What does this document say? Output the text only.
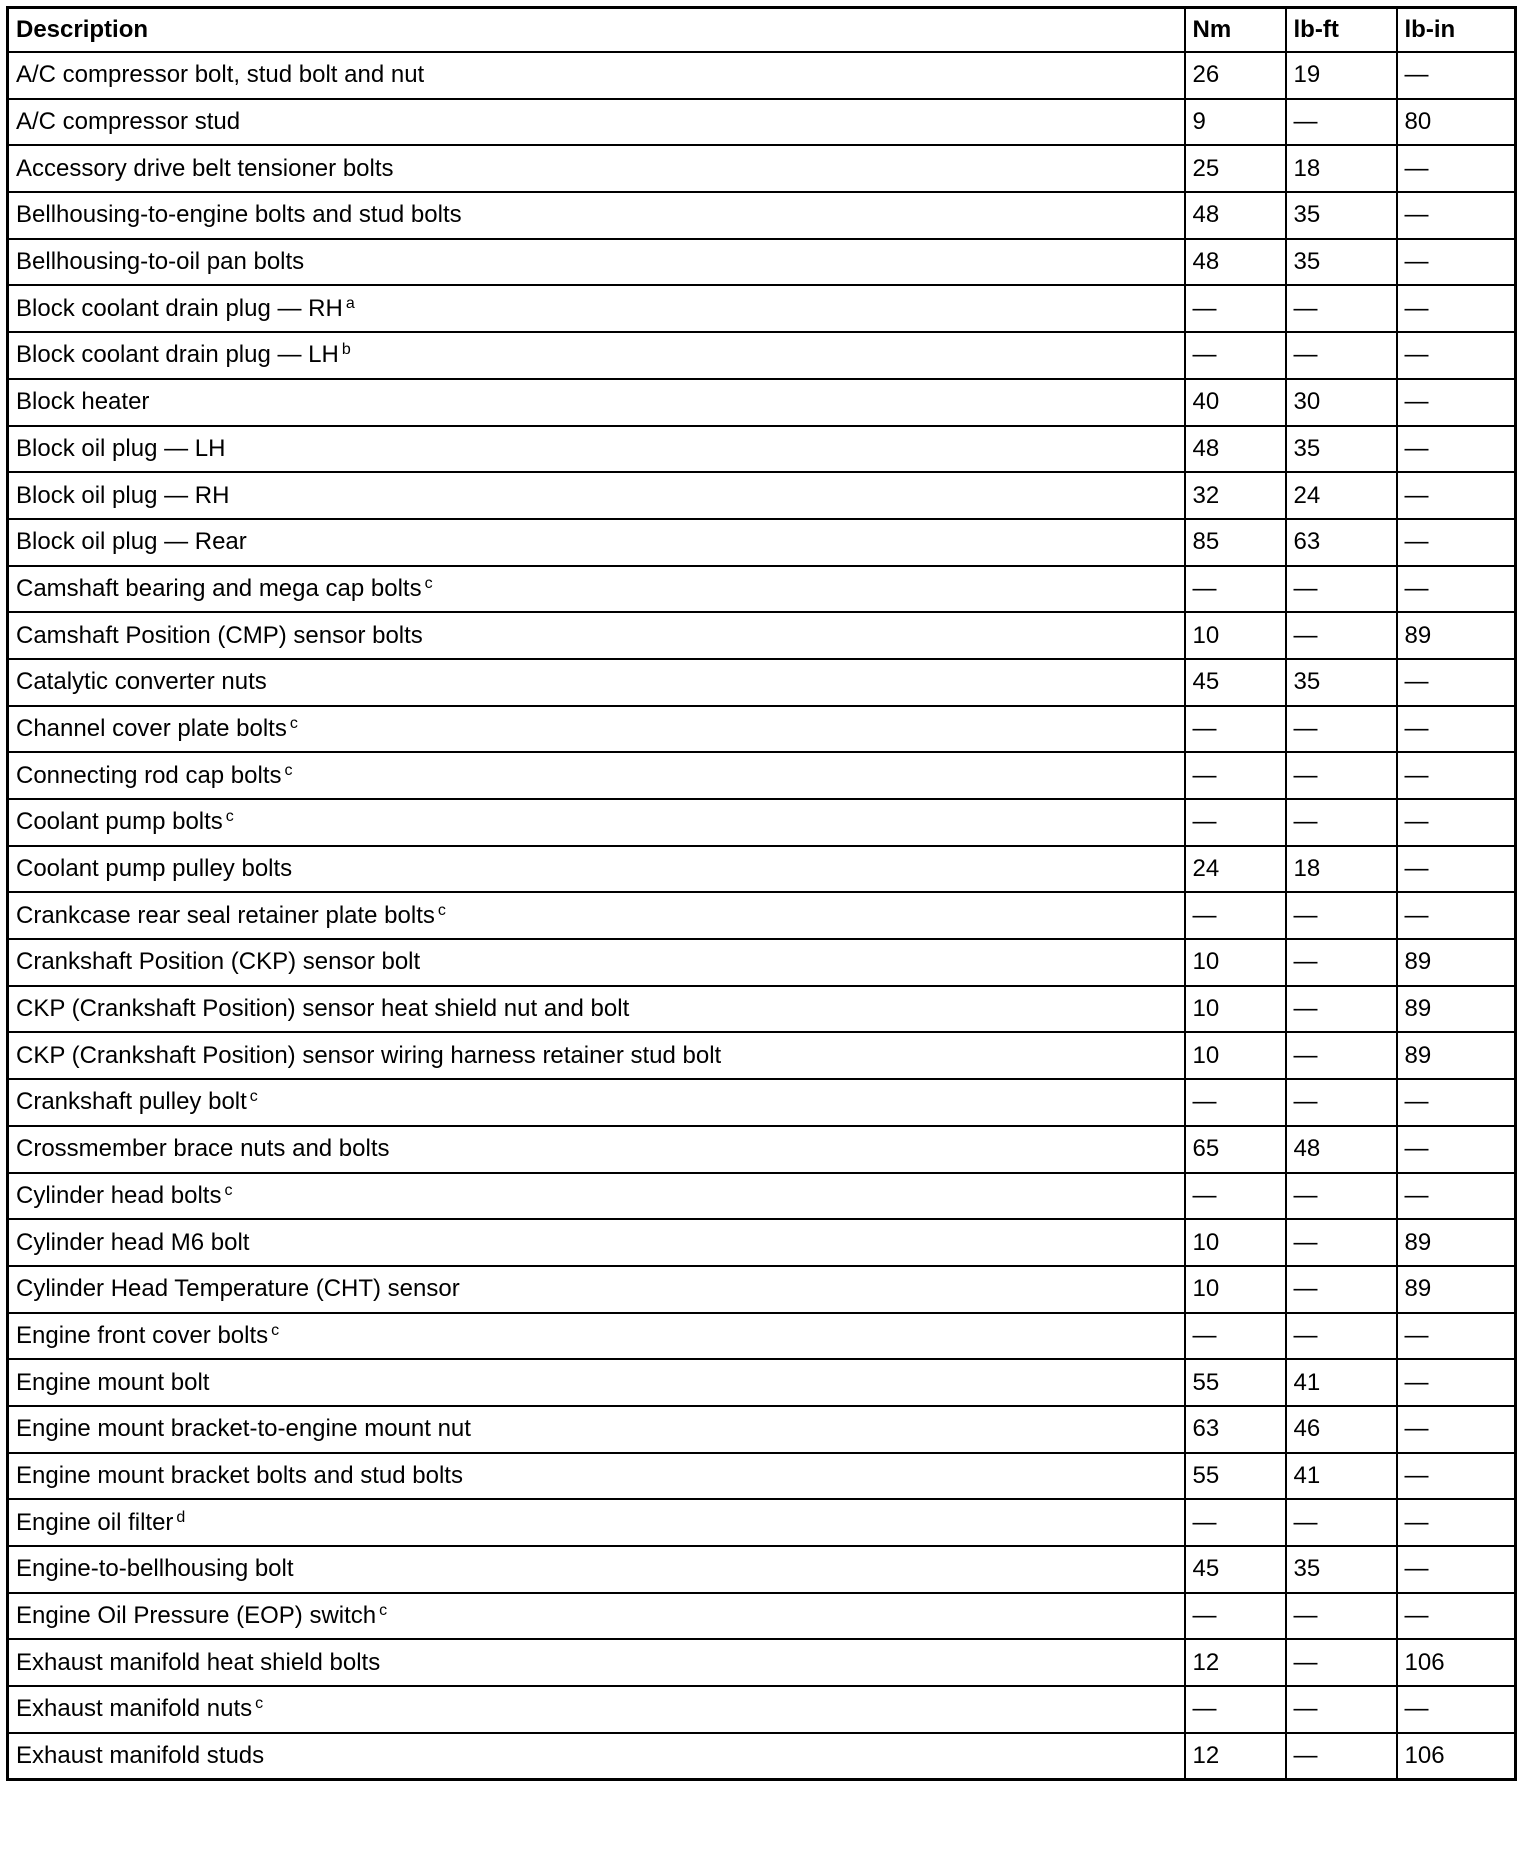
Description	Nm	lb-ft	lb-in
A/C compressor bolt, stud bolt and nut	26	19	—
A/C compressor stud	9	—	80
Accessory drive belt tensioner bolts	25	18	—
Bellhousing-to-engine bolts and stud bolts	48	35	—
Bellhousing-to-oil pan bolts	48	35	—
Block coolant drain plug — RH $^a$	—	—	—
Block coolant drain plug — LH $^b$	—	—	—
Block heater	40	30	—
Block oil plug — LH	48	35	—
Block oil plug — RH	32	24	—
Block oil plug — Rear	85	63	—
Camshaft bearing and mega cap bolts $^c$	—	—	—
Camshaft Position (CMP) sensor bolts	10	—	89
Catalytic converter nuts	45	35	—
Channel cover plate bolts $^c$	—	—	—
Connecting rod cap bolts $^c$	—	—	—
Coolant pump bolts $^c$	—	—	—
Coolant pump pulley bolts	24	18	—
Crankcase rear seal retainer plate bolts $^c$	—	—	—
Crankshaft Position (CKP) sensor bolt	10	—	89
CKP (Crankshaft Position) sensor heat shield nut and bolt	10	—	89
CKP (Crankshaft Position) sensor wiring harness retainer stud bolt	10	—	89
Crankshaft pulley bolt $^c$	—	—	—
Crossmember brace nuts and bolts	65	48	—
Cylinder head bolts $^c$	—	—	—
Cylinder head M6 bolt	10	—	89
Cylinder Head Temperature (CHT) sensor	10	—	89
Engine front cover bolts $^c$	—	—	—
Engine mount bolt	55	41	—
Engine mount bracket-to-engine mount nut	63	46	—
Engine mount bracket bolts and stud bolts	55	41	—
Engine oil filter $^d$	—	—	—
Engine-to-bellhousing bolt	45	35	—
Engine Oil Pressure (EOP) switch $^c$	—	—	—
Exhaust manifold heat shield bolts	12	—	106
Exhaust manifold nuts $^c$	—	—	—
Exhaust manifold studs	12	—	106
